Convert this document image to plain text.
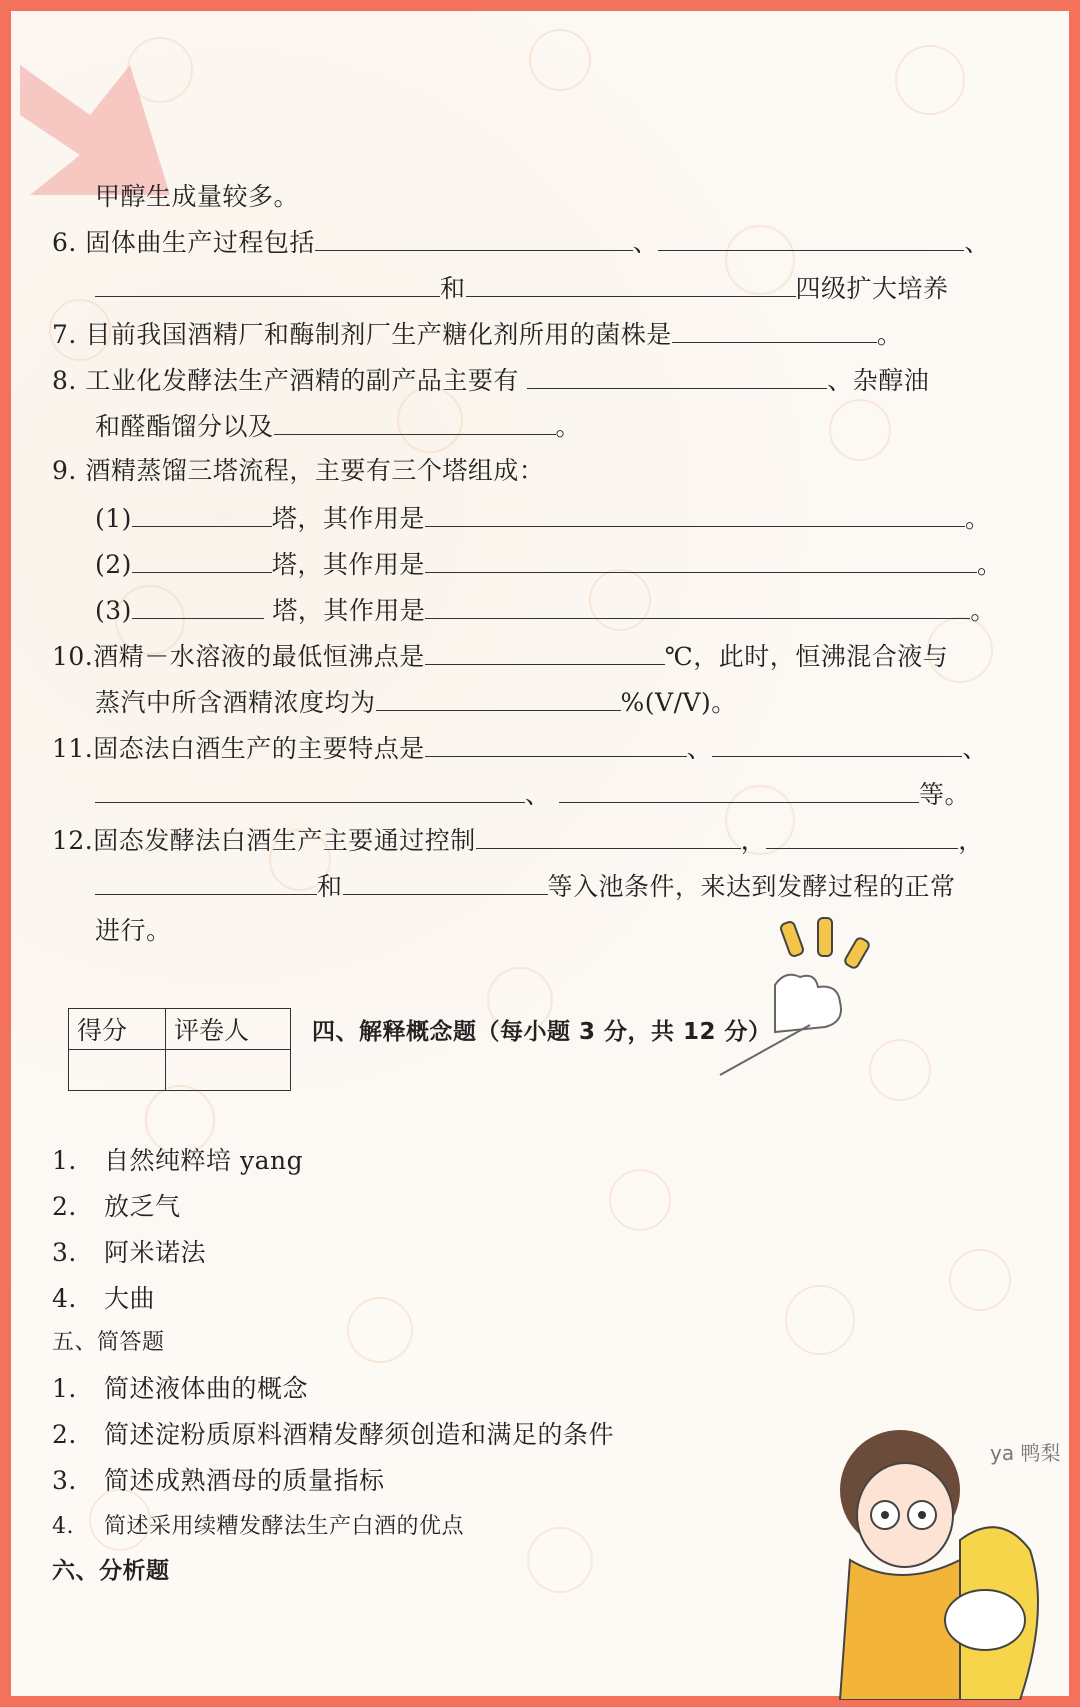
甲醇生成量较多。
6. 固体曲生产过程包括	、	、
和	四级扩大培养
7. 目前我国酒精厂和酶制剂厂生产糖化剂所用的菌株是	。
8. 工业化发酵法生产酒精的副产品主要有	、杂醇油
和醛酯馏分以及	。
9. 酒精蒸馏三塔流程，主要有三个塔组成：
(1)	塔，其作用是	。
(2)	塔，其作用是	。
(3)	塔，其作用是	。
10.酒精－水溶液的最低恒沸点是	℃，此时，恒沸混合液与
蒸汽中所含酒精浓度均为	%(V/V)。
11.固态法白酒生产的主要特点是	、	、
、	等。
12.固态发酵法白酒生产主要通过控制	，	，
和	等入池条件，来达到发酵过程的正常
进行。
得分	评卷人
		四、解释概念题（每小题 3 分，共 12 分）
1. 自然纯粹培 yang
2. 放乏气
3. 阿米诺法
4. 大曲
五、简答题
1. 简述液体曲的概念
2. 简述淀粉质原料酒精发酵须创造和满足的条件
3. 简述成熟酒母的质量指标
4. 简述采用续糟发酵法生产白酒的优点
六、分析题
ya 鸭梨
